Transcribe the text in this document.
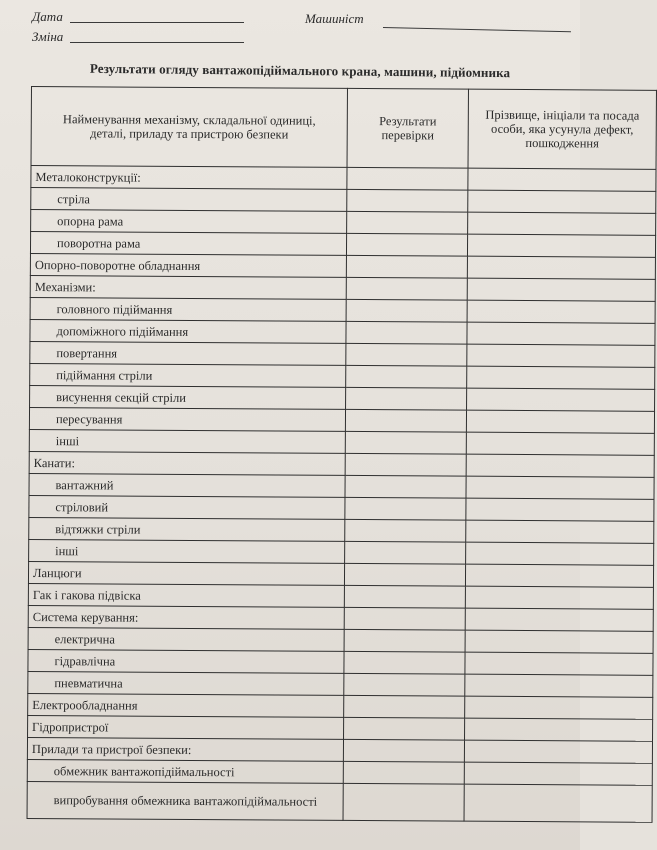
Дата
Зміна
Машиніст
Результати огляду вантажопідіймального крана, машини, підйомника
Найменування механізму, складальної одиниці, деталі, приладу та пристрою безпеки	Результати перевірки	Прізвище, ініціали та посада особи, яка усунула дефект, пошкодження
Металоконструкції:		
стріла		
опорна рама		
поворотна рама		
Опорно-поворотне обладнання		
Механізми:		
головного підіймання		
допоміжного підіймання		
повертання		
підіймання стріли		
висунення секцій стріли		
пересування		
інші		
Канати:		
вантажний		
стріловий		
відтяжки стріли		
інші		
Ланцюги		
Гак і гакова підвіска		
Система керування:		
електрична		
гідравлічна		
пневматична		
Електрообладнання		
Гідропристрої		
Прилади та пристрої безпеки:		
обмежник вантажопідіймальності		
випробування обмежника вантажопідіймальності		
